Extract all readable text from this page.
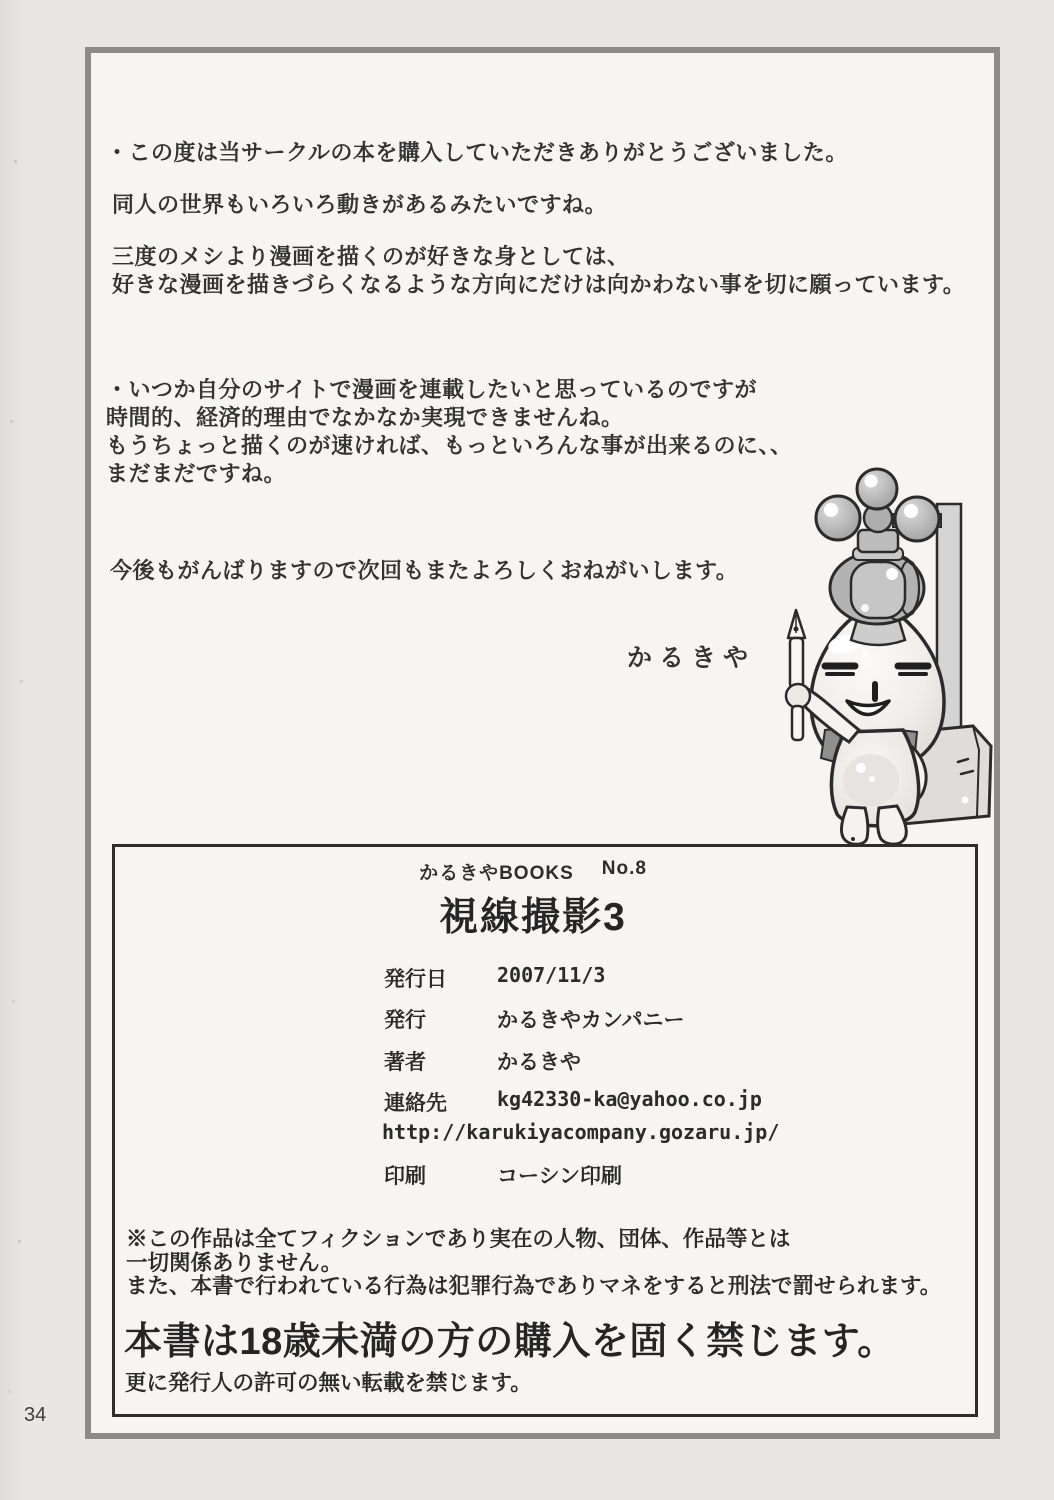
・この度は当サークルの本を購入していただきありがとうございました。
同人の世界もいろいろ動きがあるみたいですね。
三度のメシより漫画を描くのが好きな身としては、
好きな漫画を描きづらくなるような方向にだけは向かわない事を切に願っています。
・いつか自分のサイトで漫画を連載したいと思っているのですが
時間的、経済的理由でなかなか実現できませんね。
もうちょっと描くのが速ければ、もっといろんな事が出来るのに、、
まだまだですね。
今後もがんばりますので次回もまたよろしくおねがいします。
かるきや
かるきやBOOKS No.8
視線撮影3
発行日	2007/11/3
発行	かるきやカンパニー
著者	かるきや
連絡先	kg42330-ka@yahoo.co.jp
http://karukiyacompany.gozaru.jp/
印刷	コーシン印刷
※この作品は全てフィクションであり実在の人物、団体、作品等とは
一切関係ありません。
また、本書で行われている行為は犯罪行為でありマネをすると刑法で罰せられます。
本書は18歳未満の方の購入を固く禁じます。
更に発行人の許可の無い転載を禁じます。
34
